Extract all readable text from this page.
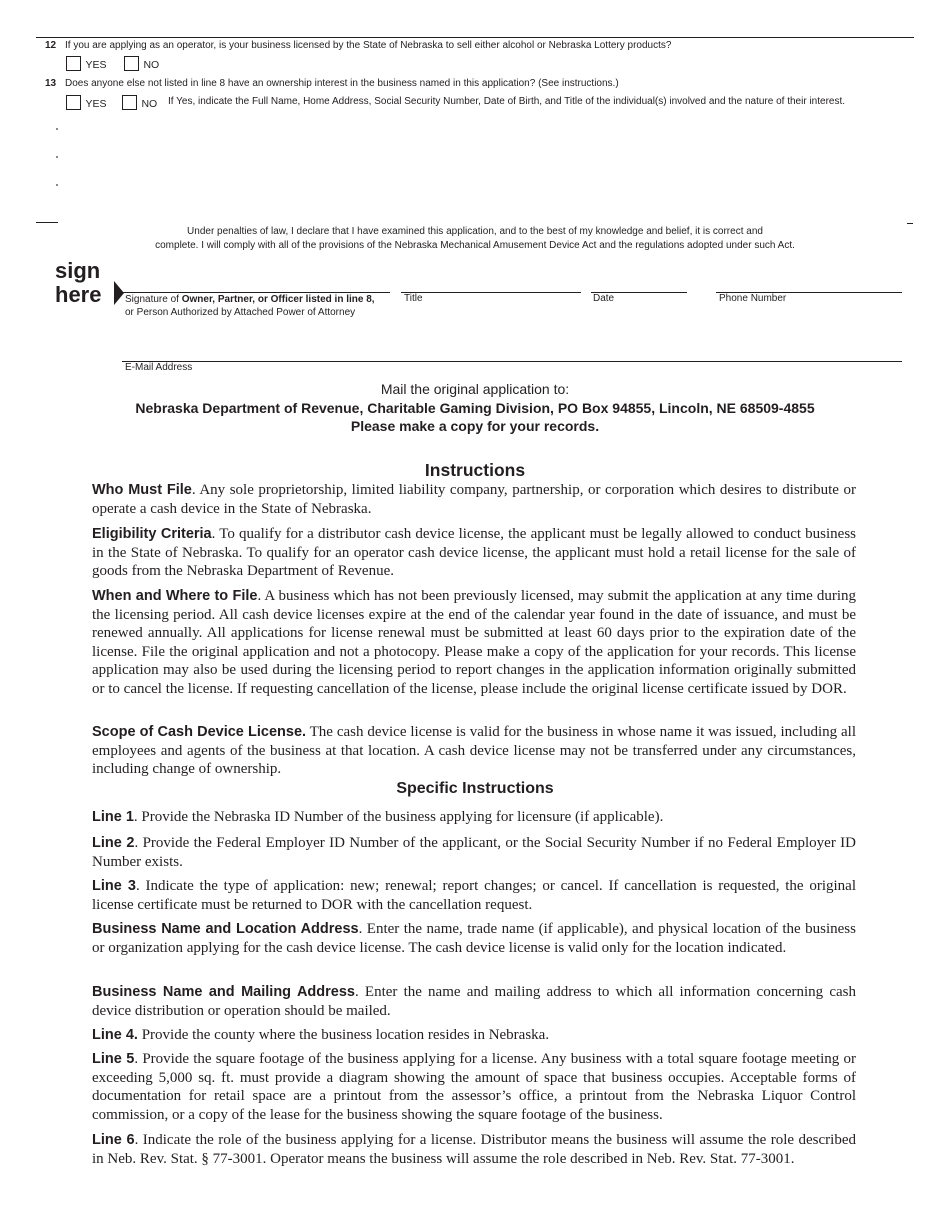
12 If you are applying as an operator, is your business licensed by the State of Nebraska to sell either alcohol or Nebraska Lottery products?
YES	NO
13 Does anyone else not listed in line 8 have an ownership interest in the business named in this application? (See instructions.)
YES	NO If Yes, indicate the Full Name, Home Address, Social Security Number, Date of Birth, and Title of the individual(s) involved and the nature of their interest.
Under penalties of law, I declare that I have examined this application, and to the best of my knowledge and belief, it is correct and
complete. I will comply with all of the provisions of the Nebraska Mechanical Amusement Device Act and the regulations adopted under such Act.
sign
here Signature of Owner, Partner, or Officer listed in line 8,
or Person Authorized by Attached Power of Attorney
Title	Date	Phone Number
E-Mail Address
Mail the original application to:
Nebraska Department of Revenue, Charitable Gaming Division, PO Box 94855, Lincoln, NE 68509-4855
Please make a copy for your records.
Instructions
Who Must File. Any sole proprietorship, limited liability company, partnership, or corporation which desires to distribute or operate a cash device in the State of Nebraska.
Eligibility Criteria. To qualify for a distributor cash device license, the applicant must be legally allowed to conduct business in the State of Nebraska. To qualify for an operator cash device license, the applicant must hold a retail license for the sale of goods from the Nebraska Department of Revenue.
When and Where to File. A business which has not been previously licensed, may submit the application at any time during the licensing period. All cash device licenses expire at the end of the calendar year found in the date of issuance, and must be renewed annually. All applications for license renewal must be submitted at least 60 days prior to the expiration date of the license. File the original application and not a photocopy. Please make a copy of the application for your records. This license application may also be used during the licensing period to report changes in the application information originally submitted or to cancel the license. If requesting cancellation of the license, please include the original license certificate issued by DOR.
Scope of Cash Device License. The cash device license is valid for the business in whose name it was issued, including all employees and agents of the business at that location. A cash device license may not be transferred under any circumstances, including change of ownership.
Specific Instructions
Line 1. Provide the Nebraska ID Number of the business applying for licensure (if applicable).
Line 2. Provide the Federal Employer ID Number of the applicant, or the Social Security Number if no Federal Employer ID Number exists.
Line 3. Indicate the type of application: new; renewal; report changes; or cancel. If cancellation is requested, the original license certificate must be returned to DOR with the cancellation request.
Business Name and Location Address. Enter the name, trade name (if applicable), and physical location of the business or organization applying for the cash device license. The cash device license is valid only for the location indicated.
Business Name and Mailing Address. Enter the name and mailing address to which all information concerning cash device distribution or operation should be mailed.
Line 4. Provide the county where the business location resides in Nebraska.
Line 5. Provide the square footage of the business applying for a license. Any business with a total square footage meeting or exceeding 5,000 sq. ft. must provide a diagram showing the amount of space that business occupies. Acceptable forms of documentation for retail space are a printout from the assessor’s office, a printout from the Nebraska Liquor Control commission, or a copy of the lease for the business showing the square footage of the business.
Line 6. Indicate the role of the business applying for a license. Distributor means the business will assume the role described in Neb. Rev. Stat. § 77-3001. Operator means the business will assume the role described in Neb. Rev. Stat. 77-3001.
